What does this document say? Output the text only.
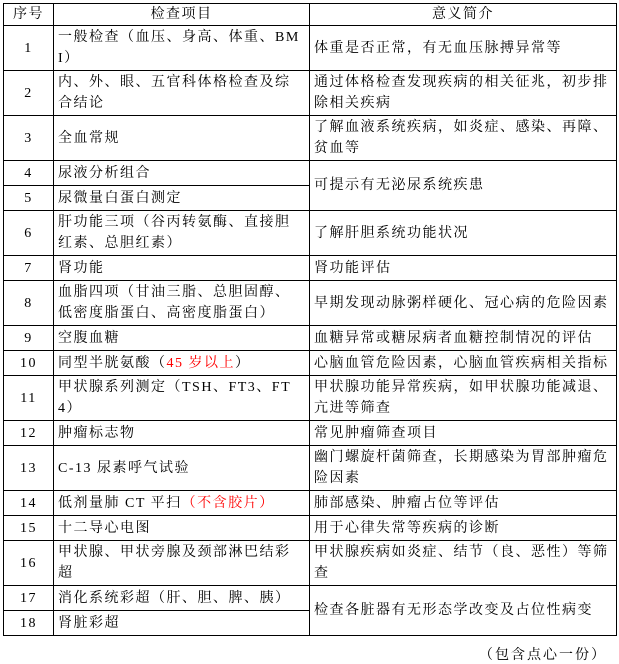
序号	检查项目	意义简介
1	一般检查（血压、身高、体重、BMI）	体重是否正常，有无血压脉搏异常等
2	内、外、眼、五官科体格检查及综合结论	通过体格检查发现疾病的相关征兆，初步排除相关疾病
3	全血常规	了解血液系统疾病，如炎症、感染、再障、贫血等
4	尿液分析组合	可提示有无泌尿系统疾患
5	尿微量白蛋白测定	
6	肝功能三项（谷丙转氨酶、直接胆红素、总胆红素）	了解肝胆系统功能状况
7	肾功能	肾功能评估
8	血脂四项（甘油三脂、总胆固醇、低密度脂蛋白、高密度脂蛋白）	早期发现动脉粥样硬化、冠心病的危险因素
9	空腹血糖	血糖异常或糖尿病者血糖控制情况的评估
10	同型半胱氨酸（45 岁以上）	心脑血管危险因素，心脑血管疾病相关指标
11	甲状腺系列测定（TSH、FT3、FT4）	甲状腺功能异常疾病，如甲状腺功能减退、亢进等筛查
12	肿瘤标志物	常见肿瘤筛查项目
13	C-13 尿素呼气试验	幽门螺旋杆菌筛查，长期感染为胃部肿瘤危险因素
14	低剂量肺 CT 平扫（不含胶片）	肺部感染、肿瘤占位等评估
15	十二导心电图	用于心律失常等疾病的诊断
16	甲状腺、甲状旁腺及颈部淋巴结彩超	甲状腺疾病如炎症、结节（良、恶性）等筛查
17	消化系统彩超（肝、胆、脾、胰）	检查各脏器有无形态学改变及占位性病变
18	肾脏彩超	
（包含点心一份）
